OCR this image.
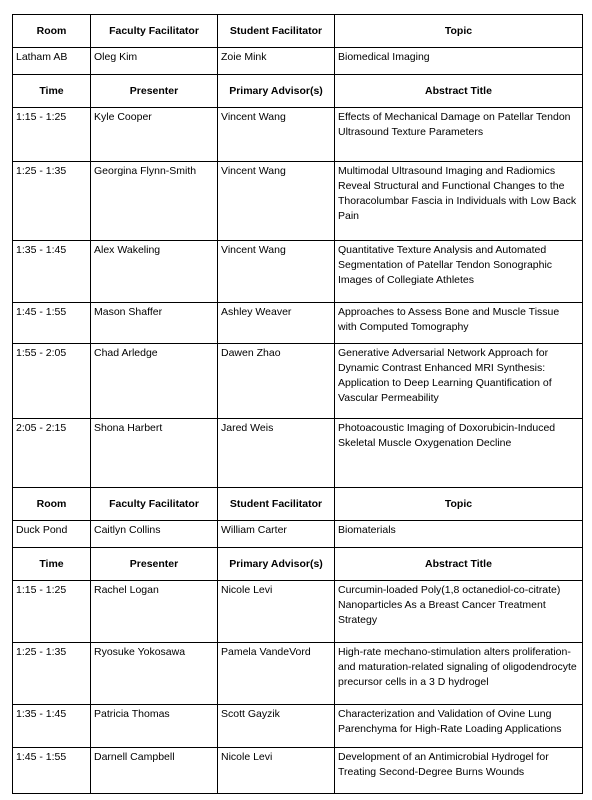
Room	Faculty Facilitator	Student Facilitator	Topic
Latham AB	Oleg Kim	Zoie Mink	Biomedical Imaging
Time	Presenter	Primary Advisor(s)	Abstract Title
1:15 - 1:25	Kyle Cooper	Vincent Wang	Effects of Mechanical Damage on Patellar Tendon Ultrasound Texture Parameters
1:25 - 1:35	Georgina Flynn-Smith	Vincent Wang	Multimodal Ultrasound Imaging and Radiomics Reveal Structural and Functional Changes to the Thoracolumbar Fascia in Individuals with Low Back Pain
1:35 - 1:45	Alex Wakeling	Vincent Wang	Quantitative Texture Analysis and Automated Segmentation of Patellar Tendon Sonographic Images of Collegiate Athletes
1:45 - 1:55	Mason Shaffer	Ashley Weaver	Approaches to Assess Bone and Muscle Tissue with Computed Tomography
1:55 - 2:05	Chad Arledge	Dawen Zhao	Generative Adversarial Network Approach for Dynamic Contrast Enhanced MRI Synthesis: Application to Deep Learning Quantification of Vascular Permeability
2:05 - 2:15	Shona Harbert	Jared Weis	Photoacoustic Imaging of Doxorubicin-Induced Skeletal Muscle Oxygenation Decline
Room	Faculty Facilitator	Student Facilitator	Topic
Duck Pond	Caitlyn Collins	William Carter	Biomaterials
Time	Presenter	Primary Advisor(s)	Abstract Title
1:15 - 1:25	Rachel Logan	Nicole Levi	Curcumin-loaded Poly(1,8 octanediol-co-citrate) Nanoparticles As a Breast Cancer Treatment Strategy
1:25 - 1:35	Ryosuke Yokosawa	Pamela VandeVord	High-rate mechano-stimulation alters proliferation- and maturation-related signaling of oligodendrocyte precursor cells in a 3 D hydrogel
1:35 - 1:45	Patricia Thomas	Scott Gayzik	Characterization and Validation of Ovine Lung Parenchyma for High-Rate Loading Applications
1:45 - 1:55	Darnell Campbell	Nicole Levi	Development of an Antimicrobial Hydrogel for Treating Second-Degree Burns Wounds
